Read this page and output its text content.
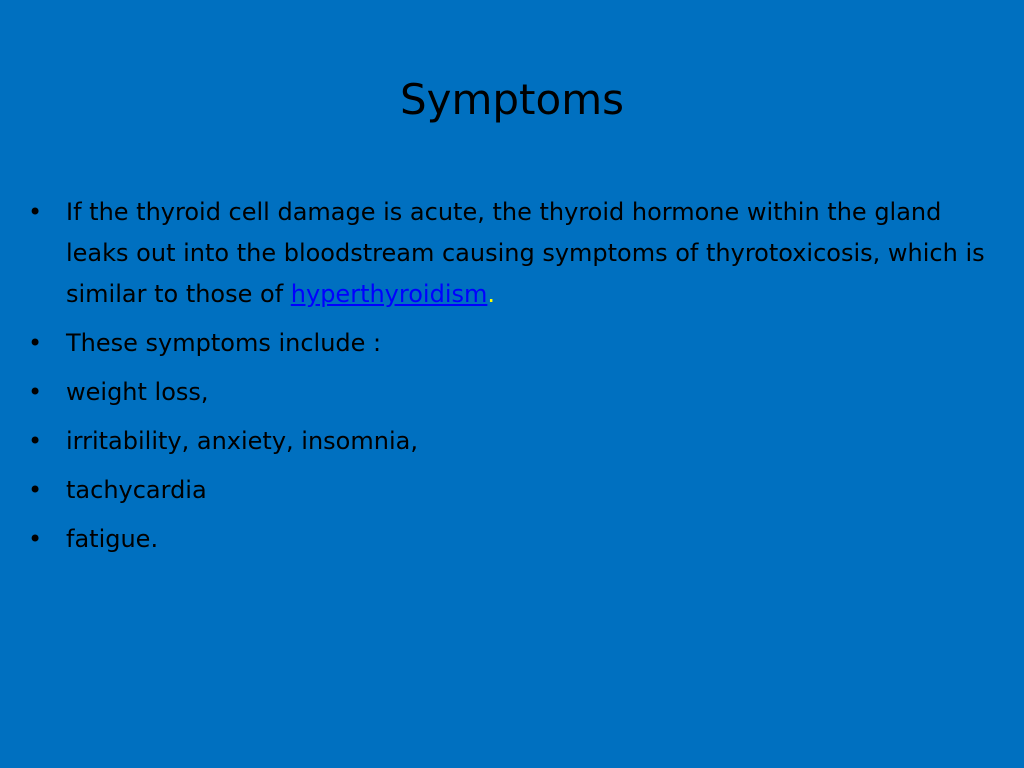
Symptoms
• If the thyroid cell damage is acute, the thyroid hormone within the gland leaks out into the bloodstream causing symptoms of thyrotoxicosis, which is similar to those of hyperthyroidism.
• These symptoms include :
• weight loss,
• irritability, anxiety, insomnia,
• tachycardia
• fatigue.
